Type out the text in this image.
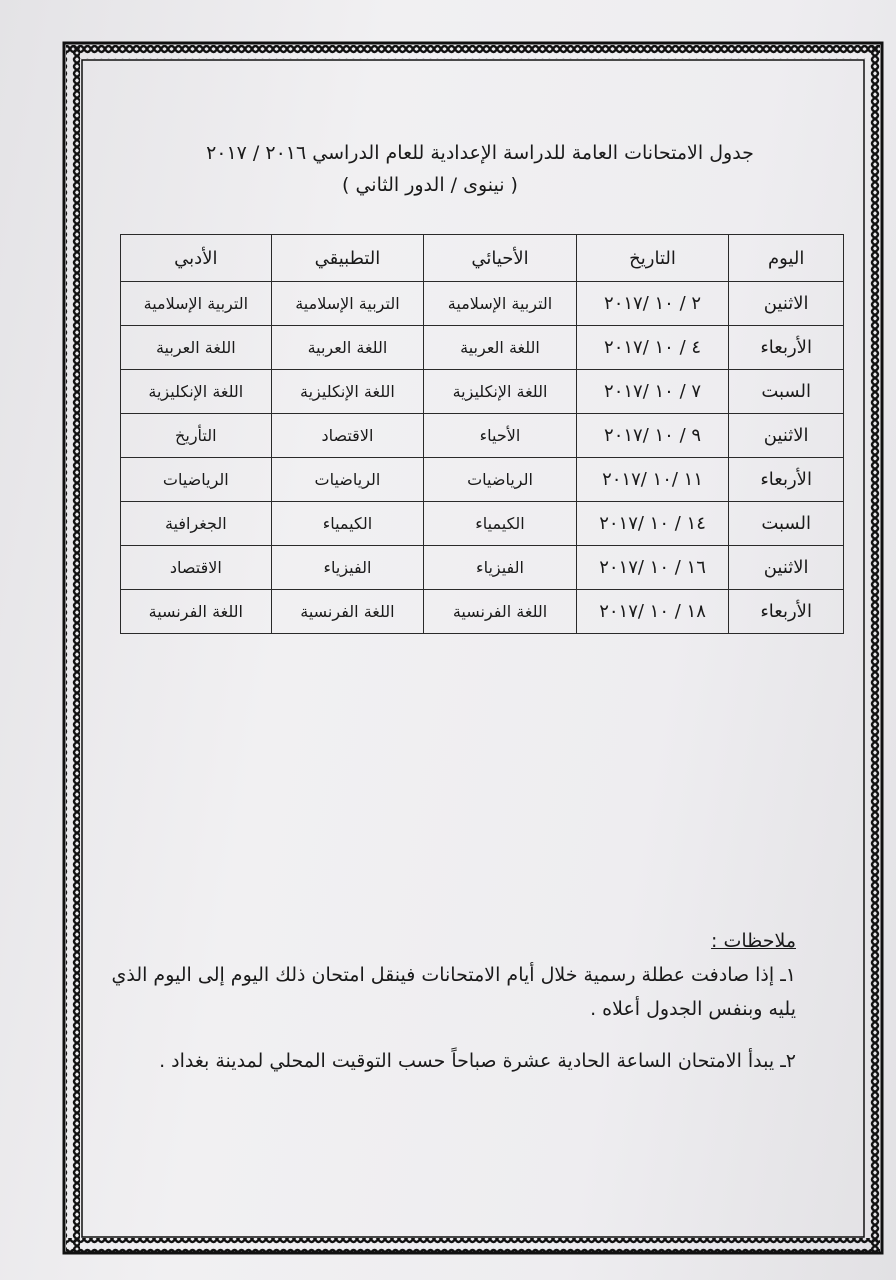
جدول الامتحانات العامة للدراسة الإعدادية للعام الدراسي ٢٠١٦ / ٢٠١٧
( نينوى / الدور الثاني )
اليوم	التاريخ	الأحيائي	التطبيقي	الأدبي
الاثنين	٢ / ١٠ /٢٠١٧	التربية الإسلامية	التربية الإسلامية	التربية الإسلامية
الأربعاء	٤ / ١٠ /٢٠١٧	اللغة العربية	اللغة العربية	اللغة العربية
السبت	٧ / ١٠ /٢٠١٧	اللغة الإنكليزية	اللغة الإنكليزية	اللغة الإنكليزية
الاثنين	٩ / ١٠ /٢٠١٧	الأحياء	الاقتصاد	التأريخ
الأربعاء	١١ /١٠ /٢٠١٧	الرياضيات	الرياضيات	الرياضيات
السبت	١٤ / ١٠ /٢٠١٧	الكيمياء	الكيمياء	الجغرافية
الاثنين	١٦ / ١٠ /٢٠١٧	الفيزياء	الفيزياء	الاقتصاد
الأربعاء	١٨ / ١٠ /٢٠١٧	اللغة الفرنسية	اللغة الفرنسية	اللغة الفرنسية
ملاحظات :
١ـ إذا صادفت عطلة رسمية خلال أيام الامتحانات فينقل امتحان ذلك اليوم إلى اليوم الذي يليه وبنفس الجدول أعلاه .
٢ـ يبدأ الامتحان الساعة الحادية عشرة صباحاً حسب التوقيت المحلي لمدينة بغداد .
